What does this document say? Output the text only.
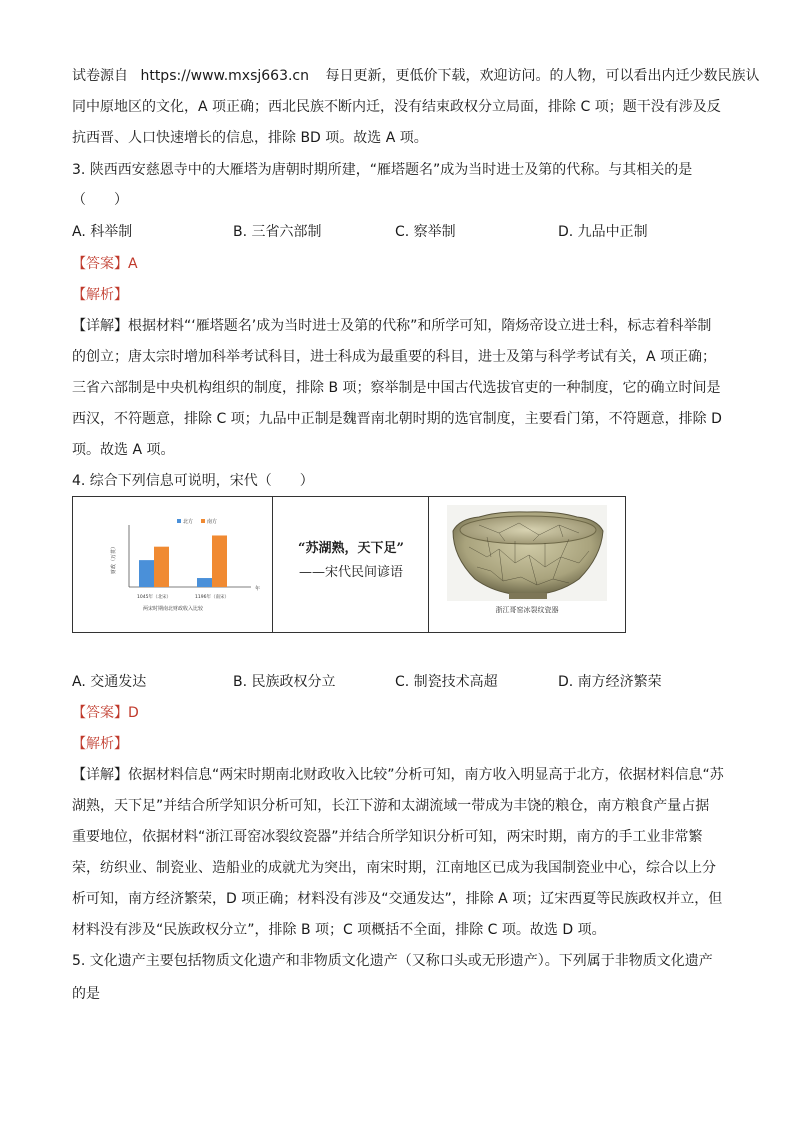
试卷源自 https://www.mxsj663.cn 每日更新，更低价下载，欢迎访问。的人物，可以看出内迁少数民族认
同中原地区的文化，A 项正确；西北民族不断内迁，没有结束政权分立局面，排除 C 项；题干没有涉及反
抗西晋、人口快速增长的信息，排除 BD 项。故选 A 项。
3. 陕西西安慈恩寺中的大雁塔为唐朝时期所建，“雁塔题名”成为当时进士及第的代称。与其相关的是
（　　）
A. 科举制	B. 三省六部制	C. 察举制	D. 九品中正制
【答案】A
【解析】
【详解】根据材料“‘雁塔题名’成为当时进士及第的代称”和所学可知，隋炀帝设立进士科，标志着科举制
的创立；唐太宗时增加科举考试科目，进士科成为最重要的科目，进士及第与科学考试有关，A 项正确；
三省六部制是中央机构组织的制度，排除 B 项；察举制是中国古代选拔官吏的一种制度，它的确立时间是
西汉，不符题意，排除 C 项；九品中正制是魏晋南北朝时期的选官制度，主要看门第，不符题意，排除 D
项。故选 A 项。
4. 综合下列信息可说明，宋代（　　）
1045年（北宋）	1196年（南宋）
财政（万贯）
年
北方	南方
两宋时期南北财政收入比较
“苏湖熟，天下足”
——宋代民间谚语
浙江哥窑冰裂纹瓷器
A. 交通发达	B. 民族政权分立	C. 制瓷技术高超	D. 南方经济繁荣
【答案】D
【解析】
【详解】依据材料信息“两宋时期南北财政收入比较”分析可知，南方收入明显高于北方，依据材料信息“苏
湖熟，天下足”并结合所学知识分析可知，长江下游和太湖流域一带成为丰饶的粮仓，南方粮食产量占据
重要地位，依据材料“浙江哥窑冰裂纹瓷器”并结合所学知识分析可知，两宋时期，南方的手工业非常繁
荣，纺织业、制瓷业、造船业的成就尤为突出，南宋时期，江南地区已成为我国制瓷业中心，综合以上分
析可知，南方经济繁荣，D 项正确；材料没有涉及“交通发达”，排除 A 项；辽宋西夏等民族政权并立，但
材料没有涉及“民族政权分立”，排除 B 项；C 项概括不全面，排除 C 项。故选 D 项。
5. 文化遗产主要包括物质文化遗产和非物质文化遗产（又称口头或无形遗产）。下列属于非物质文化遗产
的是
